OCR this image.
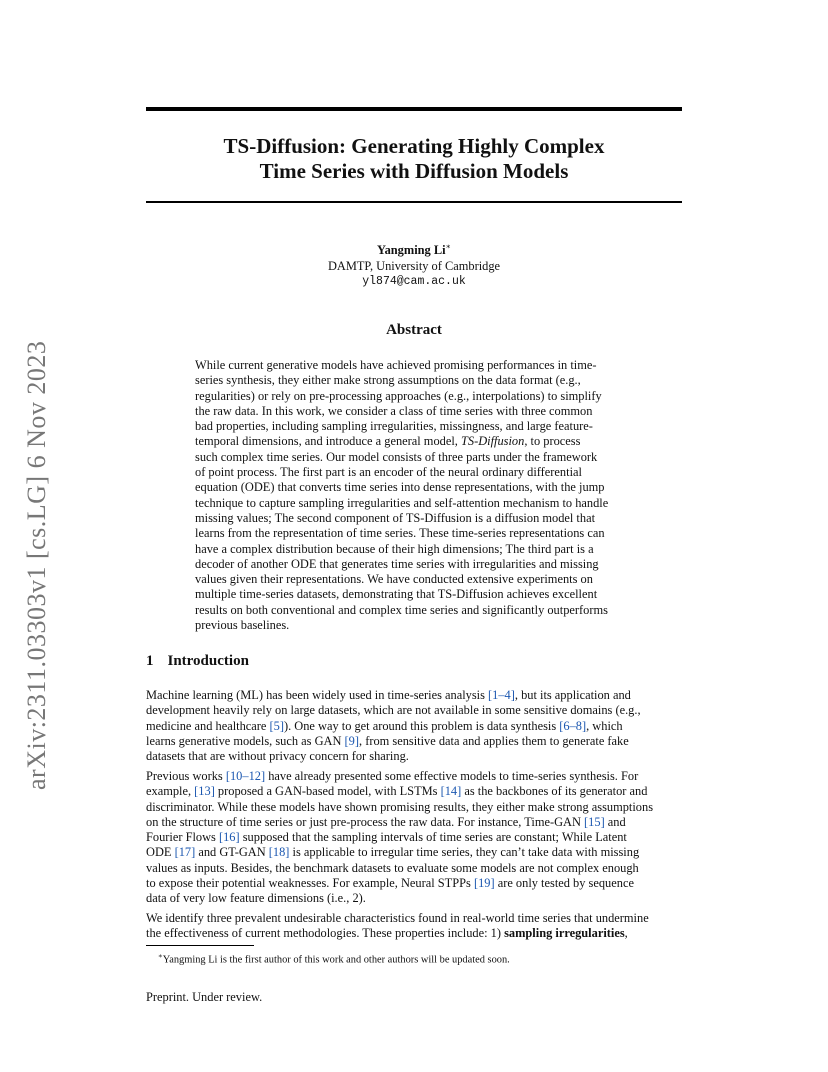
arXiv:2311.03303v1 [cs.LG] 6 Nov 2023
TS-Diffusion: Generating Highly Complex
Time Series with Diffusion Models
Yangming Li∗
DAMTP, University of Cambridge
yl874@cam.ac.uk
Abstract
While current generative models have achieved promising performances in time-
series synthesis, they either make strong assumptions on the data format (e.g.,
regularities) or rely on pre-processing approaches (e.g., interpolations) to simplify
the raw data. In this work, we consider a class of time series with three common
bad properties, including sampling irregularities, missingness, and large feature-
temporal dimensions, and introduce a general model, TS-Diffusion, to process
such complex time series. Our model consists of three parts under the framework
of point process. The first part is an encoder of the neural ordinary differential
equation (ODE) that converts time series into dense representations, with the jump
technique to capture sampling irregularities and self-attention mechanism to handle
missing values; The second component of TS-Diffusion is a diffusion model that
learns from the representation of time series. These time-series representations can
have a complex distribution because of their high dimensions; The third part is a
decoder of another ODE that generates time series with irregularities and missing
values given their representations. We have conducted extensive experiments on
multiple time-series datasets, demonstrating that TS-Diffusion achieves excellent
results on both conventional and complex time series and significantly outperforms
previous baselines.
1 Introduction
Machine learning (ML) has been widely used in time-series analysis [1–4], but its application and
development heavily rely on large datasets, which are not available in some sensitive domains (e.g.,
medicine and healthcare [5]). One way to get around this problem is data synthesis [6–8], which
learns generative models, such as GAN [9], from sensitive data and applies them to generate fake
datasets that are without privacy concern for sharing.
Previous works [10–12] have already presented some effective models to time-series synthesis. For
example, [13] proposed a GAN-based model, with LSTMs [14] as the backbones of its generator and
discriminator. While these models have shown promising results, they either make strong assumptions
on the structure of time series or just pre-process the raw data. For instance, Time-GAN [15] and
Fourier Flows [16] supposed that the sampling intervals of time series are constant; While Latent
ODE [17] and GT-GAN [18] is applicable to irregular time series, they can’t take data with missing
values as inputs. Besides, the benchmark datasets to evaluate some models are not complex enough
to expose their potential weaknesses. For example, Neural STPPs [19] are only tested by sequence
data of very low feature dimensions (i.e., 2).
We identify three prevalent undesirable characteristics found in real-world time series that undermine
the effectiveness of current methodologies. These properties include: 1) sampling irregularities,
∗Yangming Li is the first author of this work and other authors will be updated soon.
Preprint. Under review.
